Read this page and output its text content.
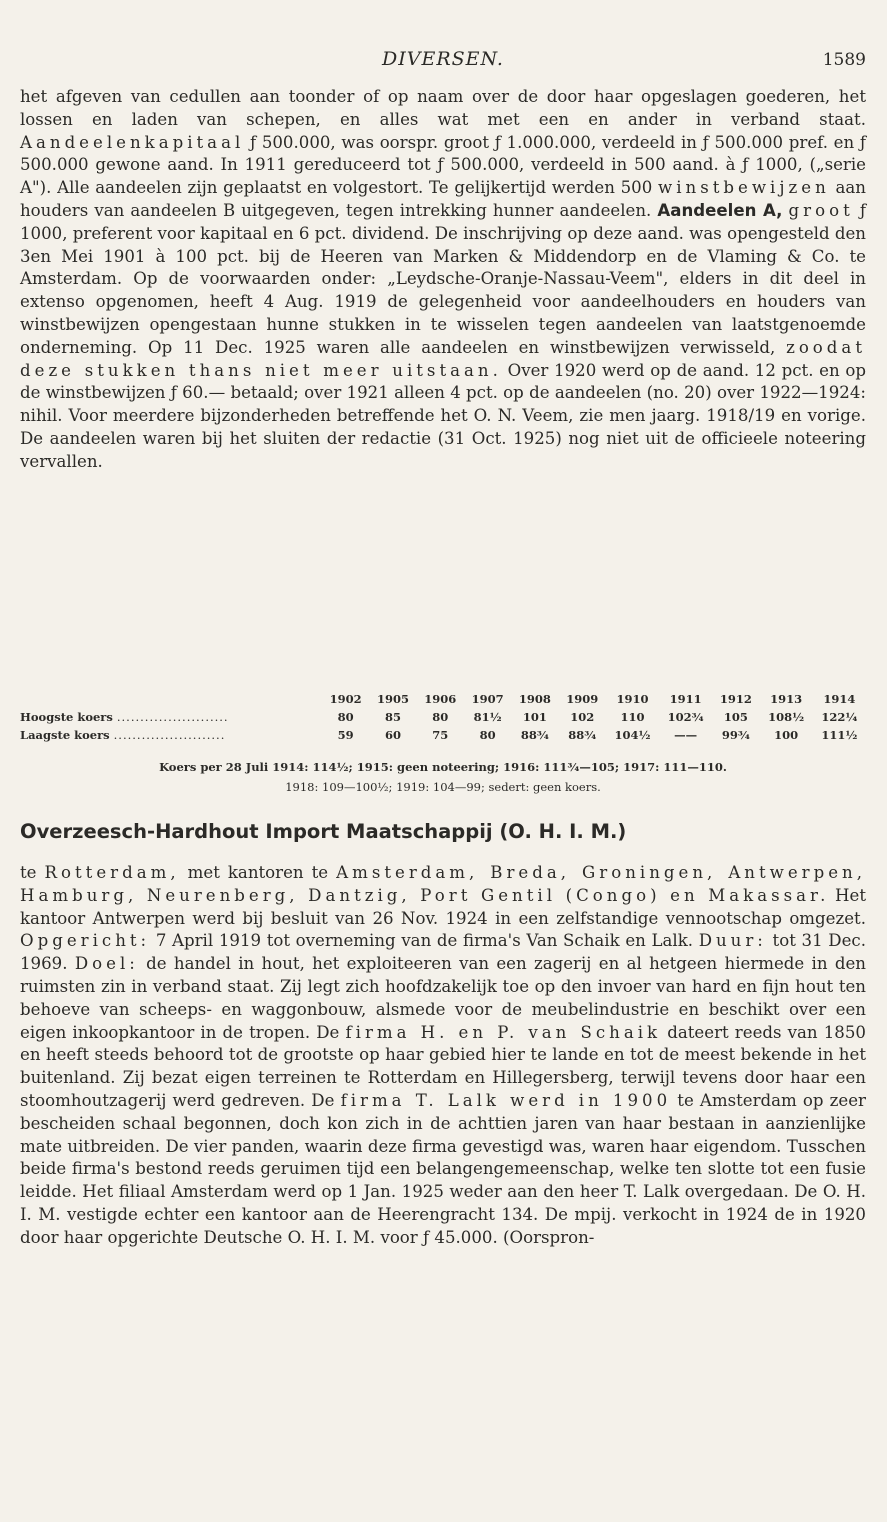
DIVERSEN.	1589
het afgeven van cedullen aan toonder of op naam over de door haar opgeslagen goederen, het lossen en laden van schepen, en alles wat met een en ander in verband staat. Aandeelenkapitaal ƒ 500.000, was oorspr. groot ƒ 1.000.000, verdeeld in ƒ 500.000 pref. en ƒ 500.000 gewone aand. In 1911 gereduceerd tot ƒ 500.000, verdeeld in 500 aand. à ƒ 1000, („serie A"). Alle aandeelen zijn geplaatst en volgestort. Te gelijkertijd werden 500 winstbewijzen aan houders van aandeelen B uitgegeven, tegen intrekking hunner aandeelen. Aandeelen A, groot ƒ 1000, preferent voor kapitaal en 6 pct. dividend. De inschrijving op deze aand. was opengesteld den 3en Mei 1901 à 100 pct. bij de Heeren van Marken & Middendorp en de Vlaming & Co. te Amsterdam. Op de voorwaarden onder: „Leydsche-Oranje-Nassau-Veem", elders in dit deel in extenso opgenomen, heeft 4 Aug. 1919 de gelegenheid voor aandeelhouders en houders van winstbewijzen opengestaan hunne stukken in te wisselen tegen aandeelen van laatstgenoemde onderneming. Op 11 Dec. 1925 waren alle aandeelen en winstbewijzen verwisseld, zoodat deze stukken thans niet meer uitstaan. Over 1920 werd op de aand. 12 pct. en op de winstbewijzen ƒ 60.— betaald; over 1921 alleen 4 pct. op de aandeelen (no. 20) over 1922—1924: nihil. Voor meerdere bijzonderheden betreffende het O. N. Veem, zie men jaarg. 1918/19 en vorige. De aandeelen waren bij het sluiten der redactie (31 Oct. 1925) nog niet uit de officieele noteering vervallen.
	1902	1905	1906	1907	1908	1909	1910	1911	1912	1913	1914
Hoogste koers ........................	80	85	80	81½	101	102	110	102¾	105	108½	122¼
Laagste koers ........................	59	60	75	80	88¾	88¾	104½	——	99¾	100	111½
Koers per 28 Juli 1914: 114½; 1915: geen noteering; 1916: 111¾—105; 1917: 111—110.
1918: 109—100½; 1919: 104—99; sedert: geen koers.
Overzeesch-Hardhout Import Maatschappij (O. H. I. M.)
te Rotterdam, met kantoren te Amsterdam, Breda, Groningen, Antwerpen, Hamburg, Neurenberg, Dantzig, Port Gentil (Congo) en Makassar. Het kantoor Antwerpen werd bij besluit van 26 Nov. 1924 in een zelfstandige vennootschap omgezet. Opgericht: 7 April 1919 tot overneming van de firma's Van Schaik en Lalk. Duur: tot 31 Dec. 1969. Doel: de handel in hout, het exploiteeren van een zagerij en al hetgeen hiermede in den ruimsten zin in verband staat. Zij legt zich hoofdzakelijk toe op den invoer van hard en fijn hout ten behoeve van scheeps- en waggonbouw, alsmede voor de meubelindustrie en beschikt over een eigen inkoopkantoor in de tropen. De firma H. en P. van Schaik dateert reeds van 1850 en heeft steeds behoord tot de grootste op haar gebied hier te lande en tot de meest bekende in het buitenland. Zij bezat eigen terreinen te Rotterdam en Hillegersberg, terwijl tevens door haar een stoomhoutzagerij werd gedreven. De firma T. Lalk werd in 1900 te Amsterdam op zeer bescheiden schaal begonnen, doch kon zich in de achttien jaren van haar bestaan in aanzienlijke mate uitbreiden. De vier panden, waarin deze firma gevestigd was, waren haar eigendom. Tusschen beide firma's bestond reeds geruimen tijd een belangengemeenschap, welke ten slotte tot een fusie leidde. Het filiaal Amsterdam werd op 1 Jan. 1925 weder aan den heer T. Lalk overgedaan. De O. H. I. M. vestigde echter een kantoor aan de Heerengracht 134. De mpij. verkocht in 1924 de in 1920 door haar opgerichte Deutsche O. H. I. M. voor ƒ 45.000. (Oorspron-
